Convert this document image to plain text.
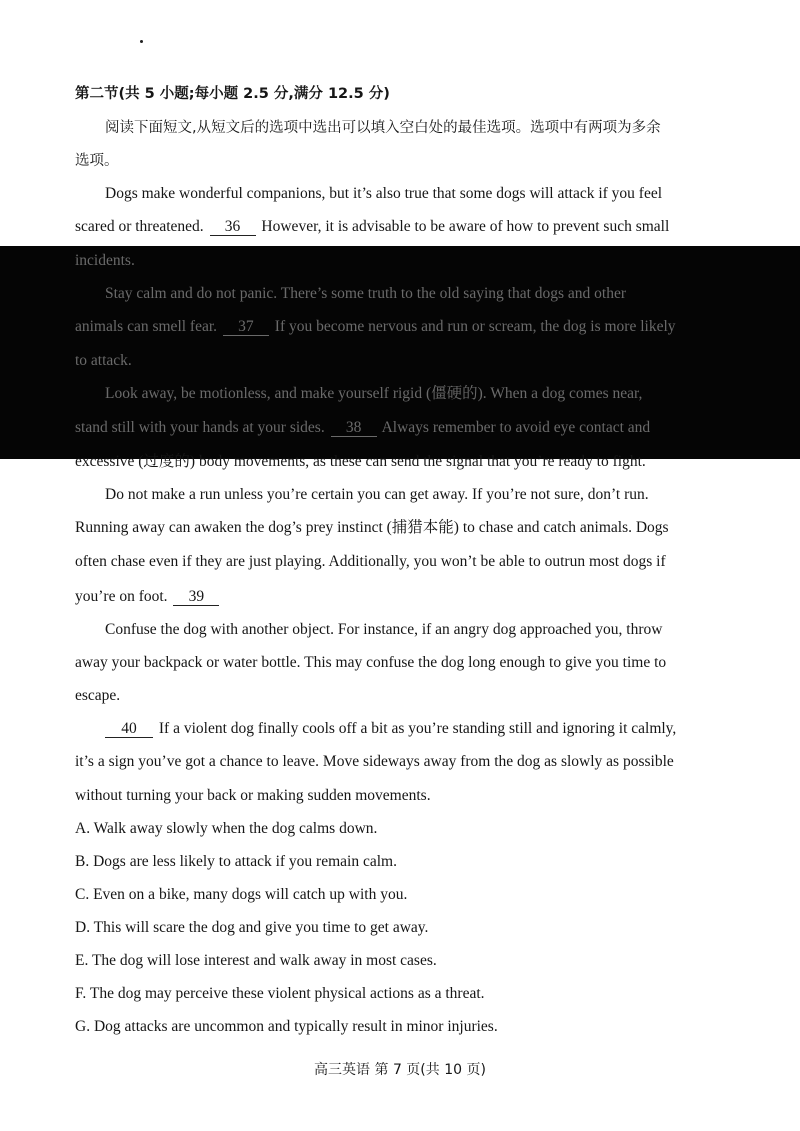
第二节(共 5 小题;每小题 2.5 分,满分 12.5 分)
阅读下面短文,从短文后的选项中选出可以填入空白处的最佳选项。选项中有两项为多余
选项。
Dogs make wonderful companions, but it’s also true that some dogs will attack if you feel
scared or threatened. 36 However, it is advisable to be aware of how to prevent such small
incidents.
Stay calm and do not panic. There’s some truth to the old saying that dogs and other
animals can smell fear. 37 If you become nervous and run or scream, the dog is more likely
to attack.
Look away, be motionless, and make yourself rigid (僵硬的). When a dog comes near,
stand still with your hands at your sides. 38 Always remember to avoid eye contact and
excessive (过度的) body movements, as these can send the signal that you’re ready to fight.
Do not make a run unless you’re certain you can get away. If you’re not sure, don’t run.
Running away can awaken the dog’s prey instinct (捕猎本能) to chase and catch animals. Dogs
often chase even if they are just playing. Additionally, you won’t be able to outrun most dogs if
you’re on foot. 39
Confuse the dog with another object. For instance, if an angry dog approached you, throw
away your backpack or water bottle. This may confuse the dog long enough to give you time to
escape.
40 If a violent dog finally cools off a bit as you’re standing still and ignoring it calmly,
it’s a sign you’ve got a chance to leave. Move sideways away from the dog as slowly as possible
without turning your back or making sudden movements.
A. Walk away slowly when the dog calms down.
B. Dogs are less likely to attack if you remain calm.
C. Even on a bike, many dogs will catch up with you.
D. This will scare the dog and give you time to get away.
E. The dog will lose interest and walk away in most cases.
F. The dog may perceive these violent physical actions as a threat.
G. Dog attacks are uncommon and typically result in minor injuries.
高三英语 第 7 页(共 10 页)
